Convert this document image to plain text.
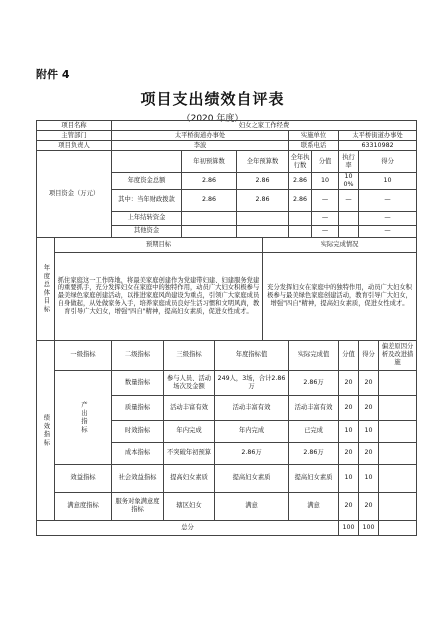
附件 4
项目支出绩效自评表
（2020 年度）
项目名称		妇女之家工作经费										
主管部门		太平桥街道办事处						实施单位		太平桥街道办事处		
项目负责人		李波						联系电话		63310982		
项目资金（万元）				年初预算数		全年预算数		全年执行数	分值	执行率	得分	
		年度资金总额		2.86		2.86		2.86	10	100%	10	
		其中：当年财政拨款		2.86		2.86		2.86	—	—	—	
		上年结转资金							—		—	
		其他资金							—		—	
年度总体目标	预期目标						实际完成情况					
	抓住家庭这一工作阵地，将最美家庭创建作为党建带妇建、妇建服务党建的重要抓手，充分发挥妇女在家庭中的独特作用，动员广大妇女积极参与最美绿色家庭创建活动，以推进家庭风尚建设为重点，引领广大家庭成员自身做起，从处做家务入手，培养家庭成员良好生活习惯和文明风尚，教育引导广大妇女，增强"四自"精神，提高妇女素质，促进女性成才。						充分发挥妇女在家庭中的独特作用，动员广大妇女积极参与最美绿色家庭创建活动，教育引导广大妇女，增强"四自"精神，提高妇女素质，促进女性成才。					
绩效指标	一级指标	二级指标	三级指标		年度指标值			实际完成值		分值	得分	偏差原因分析及改进措施
	产出指标	数量指标	参与人员、活动场次及金额		249人，3场，合计2.86万			2.86万		20	20	
		质量指标	活动丰富有效		活动丰富有效			活动丰富有效		20	20	
		时效指标	年内完成		年内完成			已完成		10	10	
		成本指标	不突破年初预算		2.86万			2.86万		20	20	
	效益指标	社会效益指标	提高妇女素质		提高妇女素质			提高妇女素质		10	10	
	满意度指标	服务对象满意度指标	辖区妇女		满意			满意		20	20	
总分										100	100	
